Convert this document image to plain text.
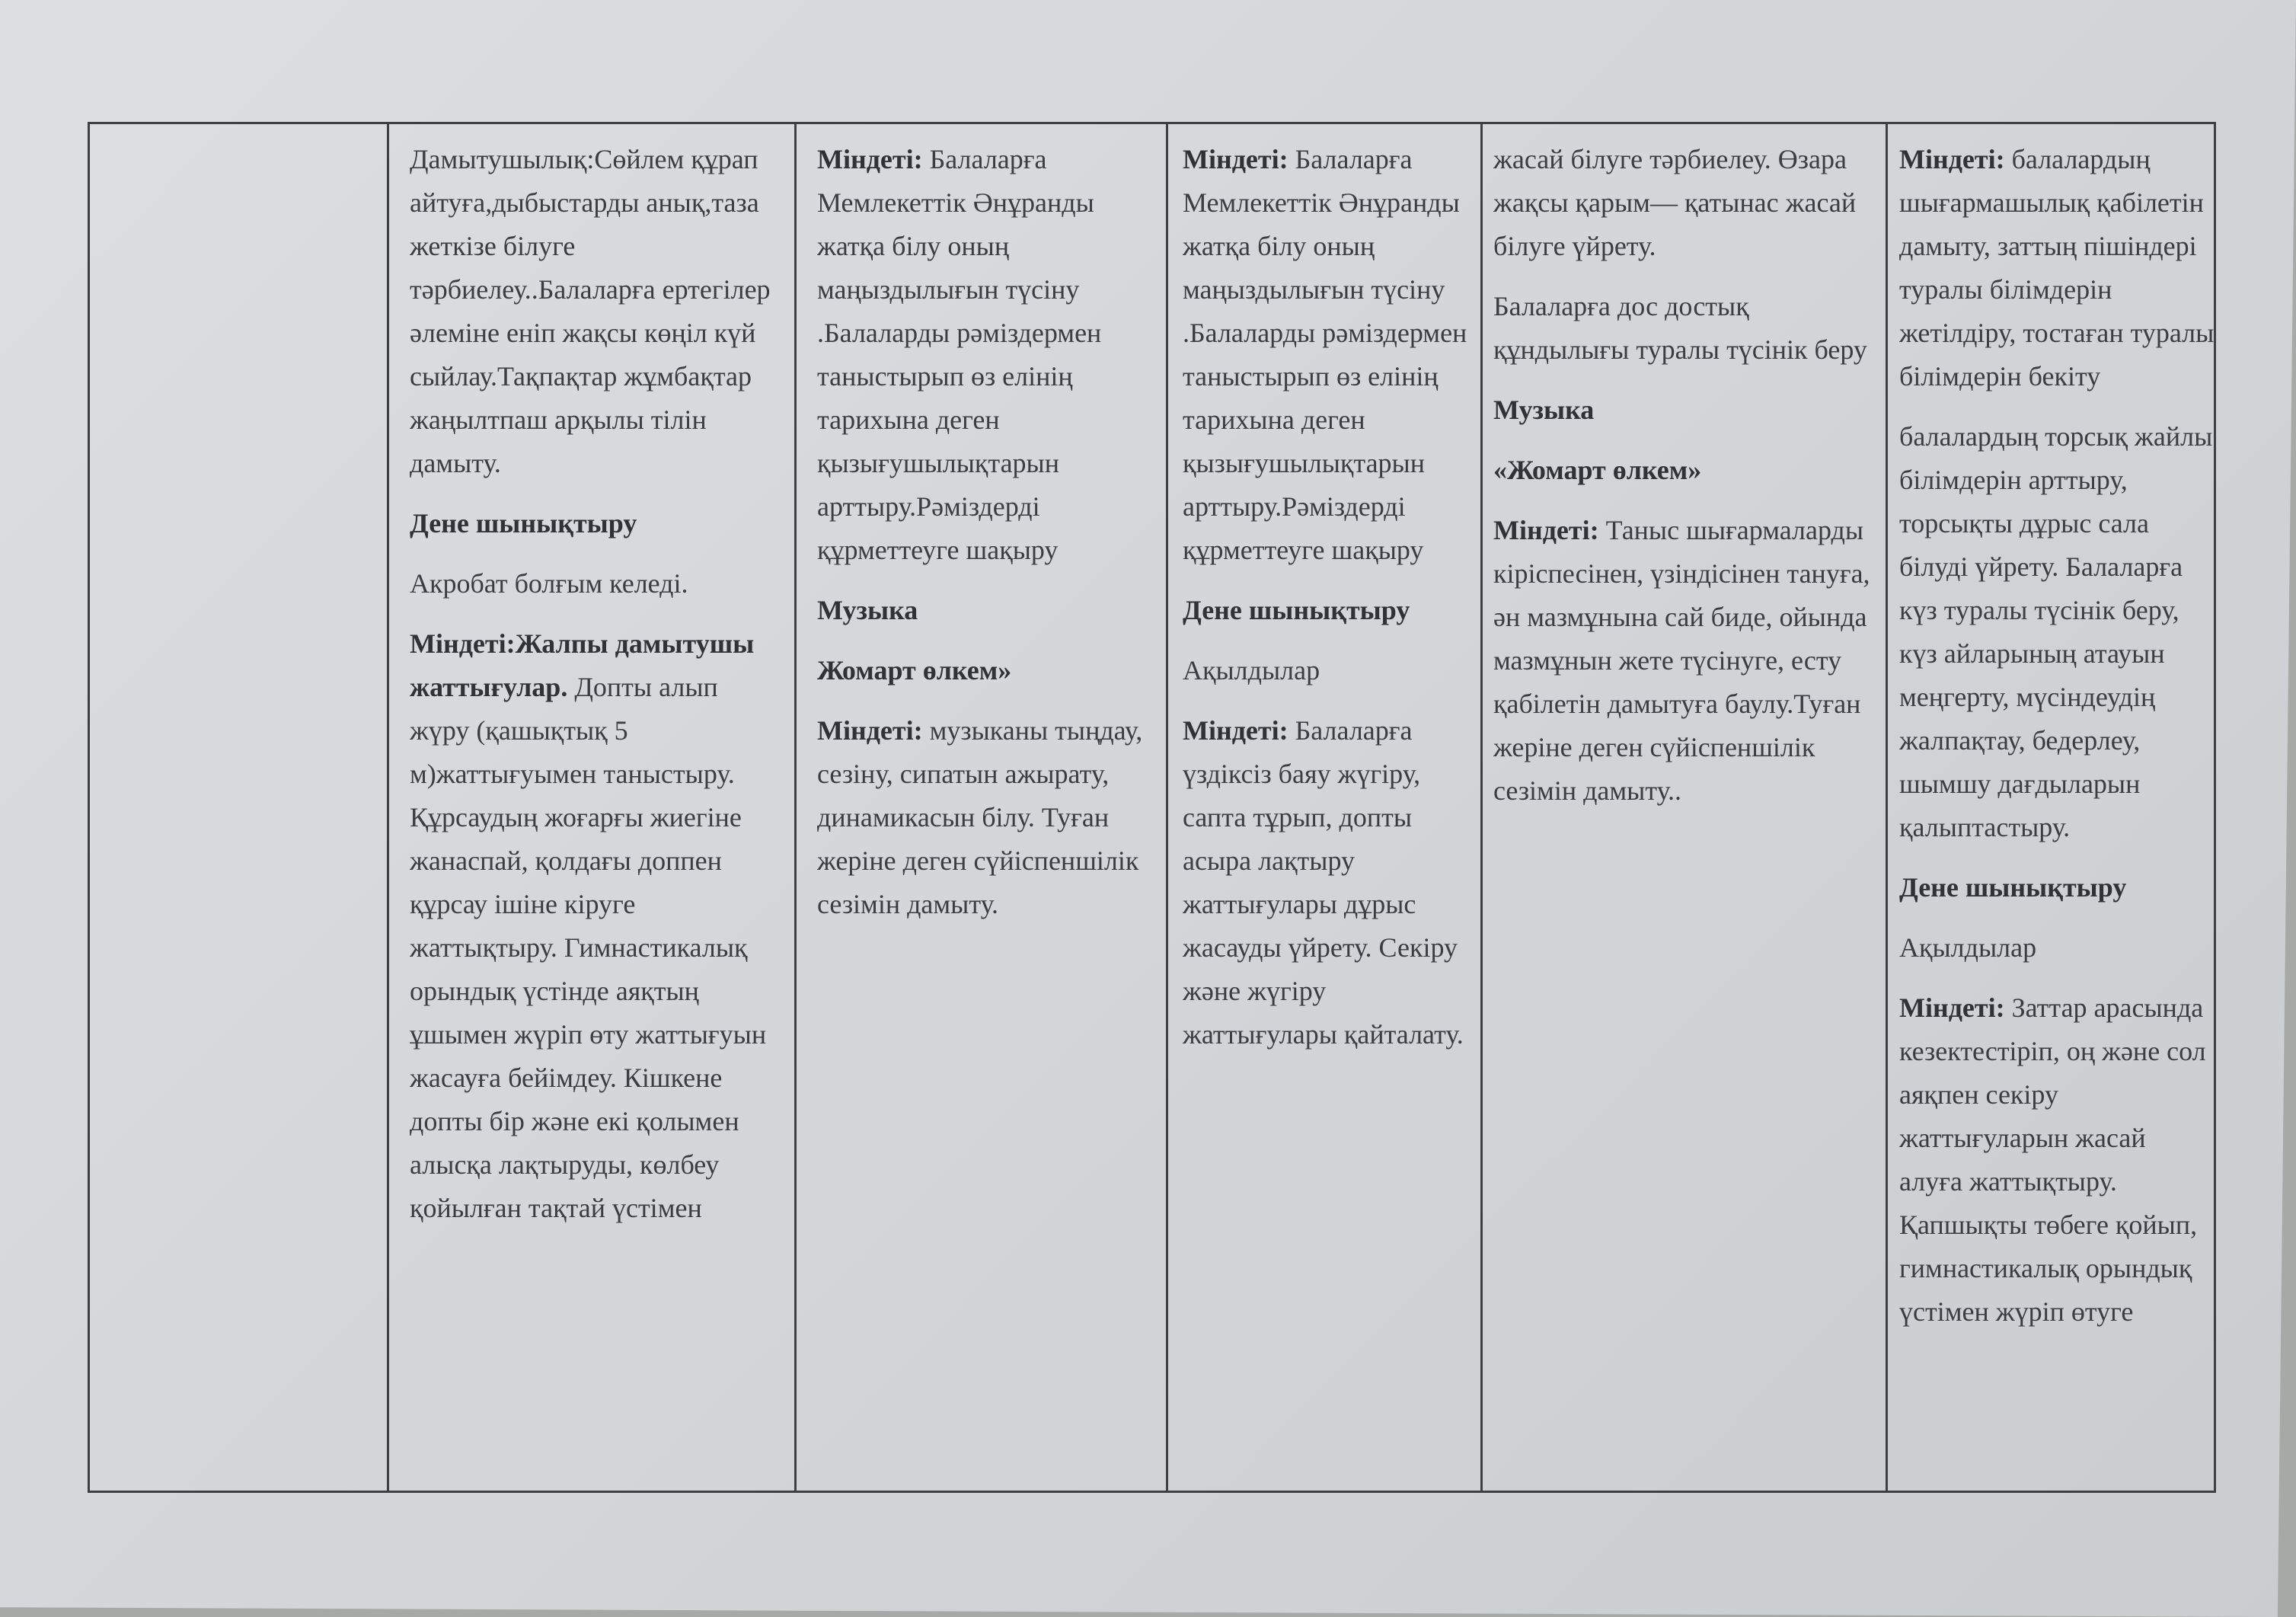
Дамытушылық:Сөйлем құрап айтуға,дыбыстарды анық,таза жеткізе білуге тәрбиелеу..Балаларға ертегілер әлеміне еніп жақсы көңіл күй сыйлау.Тақпақтар жұмбақтар жаңылтпаш арқылы тілін дамыту.

Дене шынықтыру

Акробат болғым келеді.

Міндеті:Жалпы дамытушы жаттығулар. Допты алып жүру (қашықтық 5 м)жаттығуымен таныстыру. Құрсаудың жоғарғы жиегіне жанаспай, қолдағы доппен құрсау ішіне кіруге жаттықтыру. Гимнастикалық орындық үстінде аяқтың ұшымен жүріп өту жаттығуын жасауға бейімдеу. Кішкене допты бір және екі қолымен алысқа лақтыруды, көлбеу қойылған тақтай үстімен

Міндеті: Балаларға Мемлекеттік Әнұранды жатқа білу оның маңыздылығын түсіну .Балаларды рәміздермен таныстырып өз елінің тарихына деген қызығушылықтарын арттыру.Рәміздерді құрметтеуге шақыру

Музыка

Жомарт өлкем»

Міндеті: музыканы тыңдау, сезіну, сипатын ажырату, динамикасын білу. Туған жеріне деген сүйіспеншілік сезімін дамыту.

Міндеті: Балаларға Мемлекеттік Әнұранды жатқа білу оның маңыздылығын түсіну .Балаларды рәміздермен таныстырып өз елінің тарихына деген қызығушылықтарын арттыру.Рәміздерді құрметтеуге шақыру

Дене шынықтыру

Ақылдылар

Міндеті: Балаларға үздіксіз баяу жүгіру, сапта тұрып, допты асыра лақтыру жаттығулары дұрыс жасауды үйрету. Секіру және жүгіру жаттығулары қайталату.

жасай білуге тәрбиелеу. Өзара жақсы қарым— қатынас жасай білуге үйрету.

Балаларға дос достық құндылығы туралы түсінік беру

Музыка

«Жомарт өлкем»

Міндеті: Таныс шығармаларды кіріспесінен, үзіндісінен тануға, ән мазмұнына сай биде, ойында мазмұнын жете түсінуге, есту қабілетін дамытуға баулу.Туған жеріне деген сүйіспеншілік сезімін дамыту..

Міндеті: балалардың шығармашылық қабілетін дамыту, заттың пішіндері туралы білімдерін жетілдіру, тостаған туралы білімдерін бекіту

балалардың торсық жайлы білімдерін арттыру, торсықты дұрыс сала білуді үйрету. Балаларға күз туралы түсінік беру, күз айларының атауын меңгерту, мүсіндеудің жалпақтау, бедерлеу, шымшу дағдыларын қалыптастыру.

Дене шынықтыру

Ақылдылар

Міндеті: Заттар арасында кезектестіріп, оң және сол аяқпен секіру жаттығуларын жасай алуға жаттықтыру. Қапшықты төбеге қойып, гимнастикалық орындық үстімен жүріп өтуге
